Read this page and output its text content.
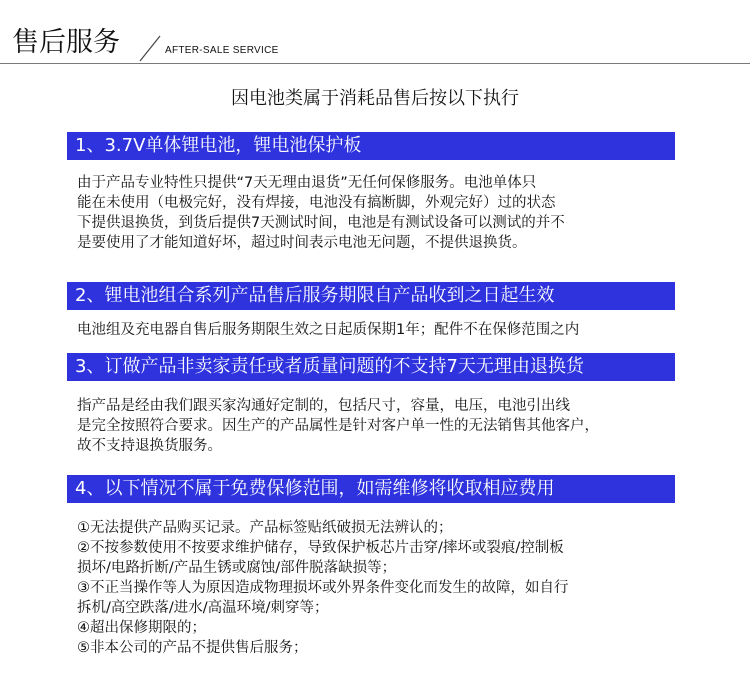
售后服务	AFTER-SALE SERVICE
因电池类属于消耗品售后按以下执行
1、3.7V单体锂电池，锂电池保护板
由于产品专业特性只提供“7天无理由退货”无任何保修服务。电池单体只
能在未使用（电极完好，没有焊接，电池没有搞断脚，外观完好）过的状态
下提供退换货，到货后提供7天测试时间，电池是有测试设备可以测试的并不
是要使用了才能知道好坏，超过时间表示电池无问题，不提供退换货。
2、锂电池组合系列产品售后服务期限自产品收到之日起生效
电池组及充电器自售后服务期限生效之日起质保期1年；配件不在保修范围之内
3、订做产品非卖家责任或者质量问题的不支持7天无理由退换货
指产品是经由我们跟买家沟通好定制的，包括尺寸，容量，电压，电池引出线
是完全按照符合要求。因生产的产品属性是针对客户单一性的无法销售其他客户，
故不支持退换货服务。
4、以下情况不属于免费保修范围，如需维修将收取相应费用
①无法提供产品购买记录。产品标签贴纸破损无法辨认的；
②不按参数使用不按要求维护储存，导致保护板芯片击穿/摔坏或裂痕/控制板
损坏/电路折断/产品生锈或腐蚀/部件脱落缺损等；
③不正当操作等人为原因造成物理损坏或外界条件变化而发生的故障，如自行
拆机/高空跌落/进水/高温环境/刺穿等；
④超出保修期限的；
⑤非本公司的产品不提供售后服务；
